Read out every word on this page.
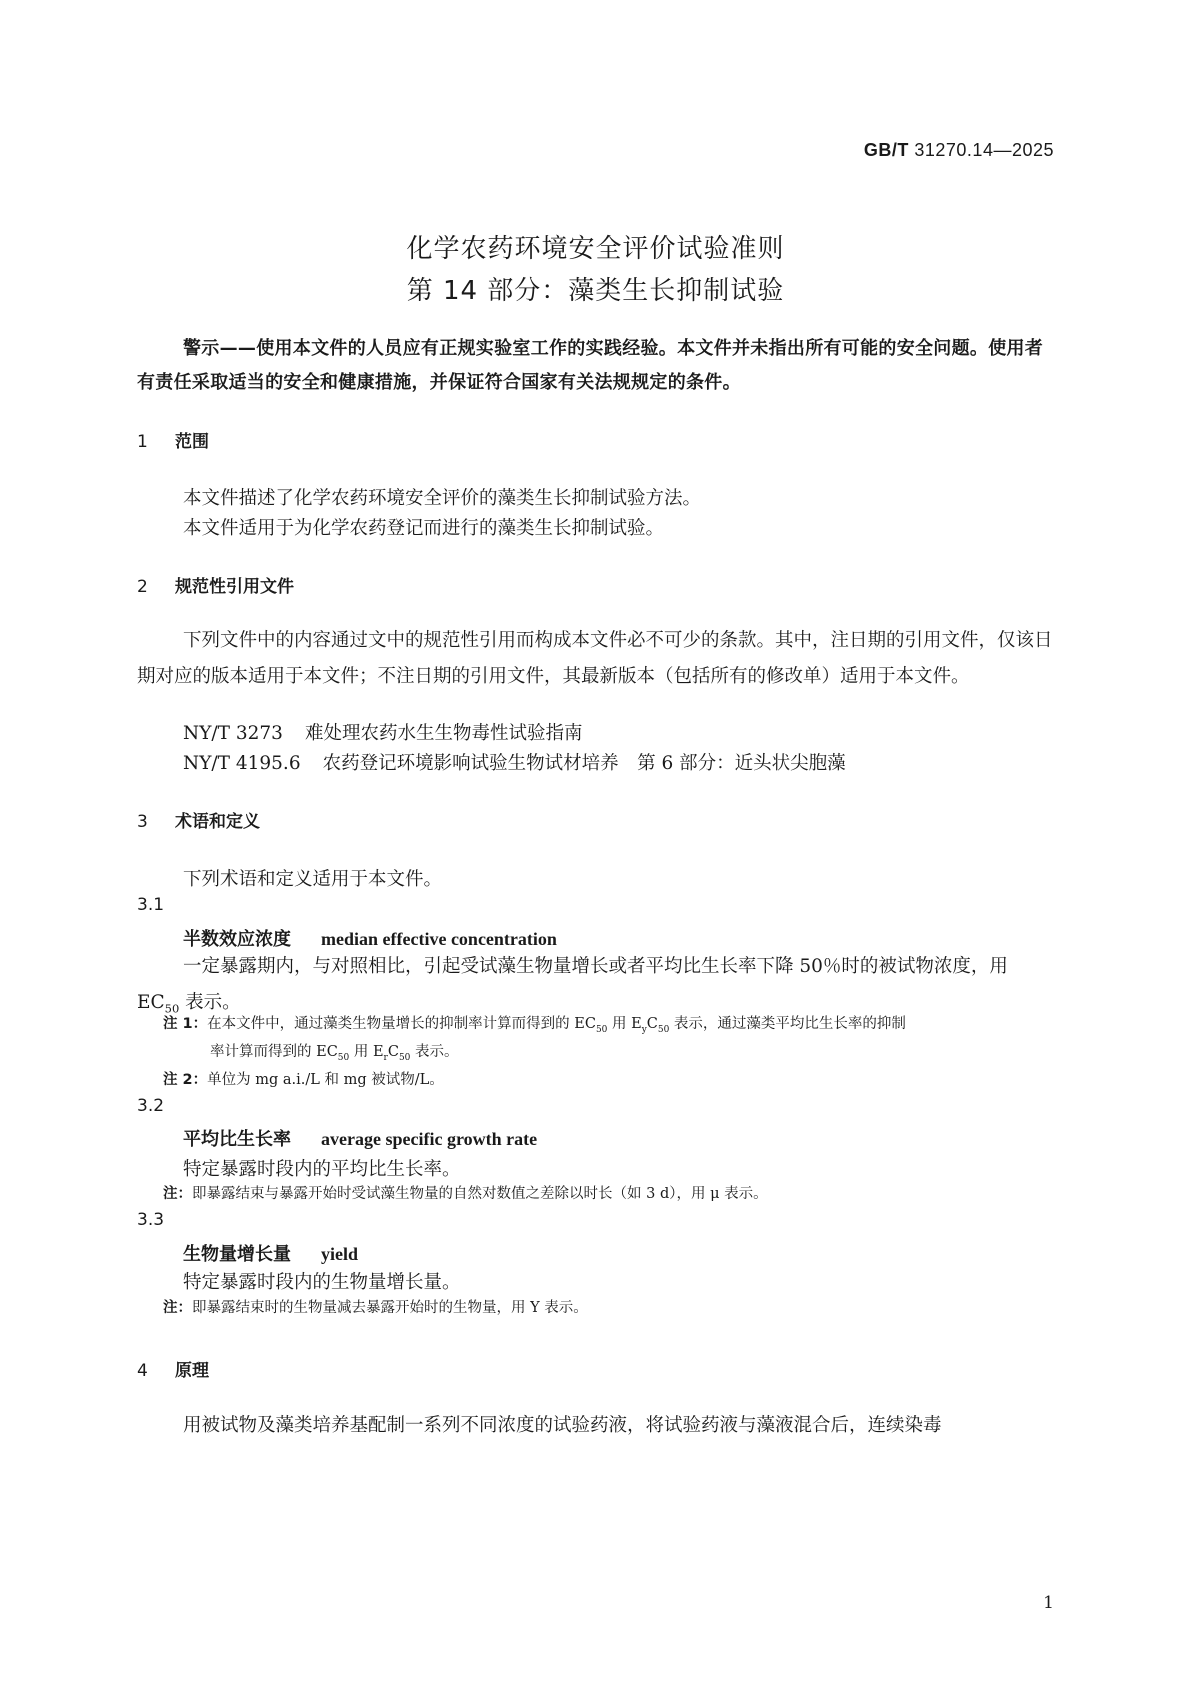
GB/T 31270.14—2025
化学农药环境安全评价试验准则
第 14 部分：藻类生长抑制试验
警示——使用本文件的人员应有正规实验室工作的实践经验。本文件并未指出所有可能的安全问题。使用者有责任采取适当的安全和健康措施，并保证符合国家有关法规规定的条件。
1 范围
本文件描述了化学农药环境安全评价的藻类生长抑制试验方法。
本文件适用于为化学农药登记而进行的藻类生长抑制试验。
2 规范性引用文件
下列文件中的内容通过文中的规范性引用而构成本文件必不可少的条款。其中，注日期的引用文件，仅该日期对应的版本适用于本文件；不注日期的引用文件，其最新版本（包括所有的修改单）适用于本文件。
NY/T 3273 难处理农药水生生物毒性试验指南
NY/T 4195.6 农药登记环境影响试验生物试材培养　第 6 部分：近头状尖胞藻
3 术语和定义
下列术语和定义适用于本文件。
3.1
半数效应浓度 median effective concentration
一定暴露期内，与对照相比，引起受试藻生物量增长或者平均比生长率下降 50％时的被试物浓度，用 $EC_{50}$ 表示。
注 1：在本文件中，通过藻类生物量增长的抑制率计算而得到的 $EC_{50}$ 用 $E_yC_{50}$ 表示，通过藻类平均比生长率的抑制
率计算而得到的 $EC_{50}$ 用 $E_rC_{50}$ 表示。
注 2：单位为 mg a.i./L 和 mg 被试物/L。
3.2
平均比生长率 average specific growth rate
特定暴露时段内的平均比生长率。
注：即暴露结束与暴露开始时受试藻生物量的自然对数值之差除以时长（如 3 d），用 μ 表示。
3.3
生物量增长量 yield
特定暴露时段内的生物量增长量。
注：即暴露结束时的生物量减去暴露开始时的生物量，用 Y 表示。
4 原理
用被试物及藻类培养基配制一系列不同浓度的试验药液，将试验药液与藻液混合后，连续染毒
1
